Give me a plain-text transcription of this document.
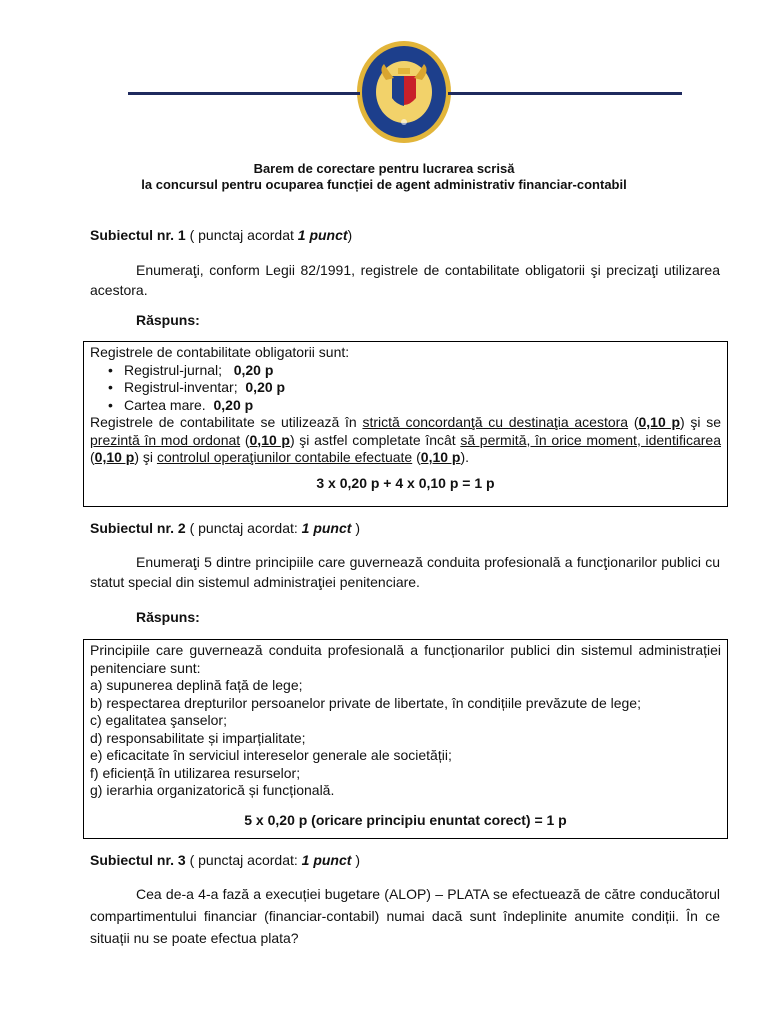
Barem de corectare pentru lucrarea scrisă
la concursul pentru ocuparea funcției de agent administrativ financiar-contabil
Subiectul nr. 1 ( punctaj acordat 1 punct)
Enumeraţi, conform Legii 82/1991, registrele de contabilitate obligatorii şi precizaţi utilizarea acestora.
Răspuns:
Registrele de contabilitate obligatorii sunt:
• Registrul-jurnal; 0,20 p
• Registrul-inventar; 0,20 p
• Cartea mare. 0,20 p
Registrele de contabilitate se utilizează în strictă concordanţă cu destinaţia acestora (0,10 p) şi se prezintă în mod ordonat (0,10 p) şi astfel completate încât să permită, în orice moment, identificarea (0,10 p) şi controlul operaţiunilor contabile efectuate (0,10 p).
3 x 0,20 p + 4 x 0,10 p = 1 p
Subiectul nr. 2 ( punctaj acordat: 1 punct )
Enumeraţi 5 dintre principiile care guvernează conduita profesională a funcţionarilor publici cu statut special din sistemul administraţiei penitenciare.
Răspuns:
Principiile care guvernează conduita profesională a funcționarilor publici din sistemul administrației penitenciare sunt:
a) supunerea deplină față de lege;
b) respectarea drepturilor persoanelor private de libertate, în condițiile prevăzute de lege;
c) egalitatea şanselor;
d) responsabilitate și imparțialitate;
e) eficacitate în serviciul intereselor generale ale societății;
f) eficiență în utilizarea resurselor;
g) ierarhia organizatorică și funcțională.
5 x 0,20 p (oricare principiu enuntat corect) = 1 p
Subiectul nr. 3 ( punctaj acordat: 1 punct )
Cea de-a 4-a fază a execuției bugetare (ALOP) – PLATA se efectuează de către conducătorul compartimentului financiar (financiar-contabil) numai dacă sunt îndeplinite anumite condiții. În ce situații nu se poate efectua plata?
